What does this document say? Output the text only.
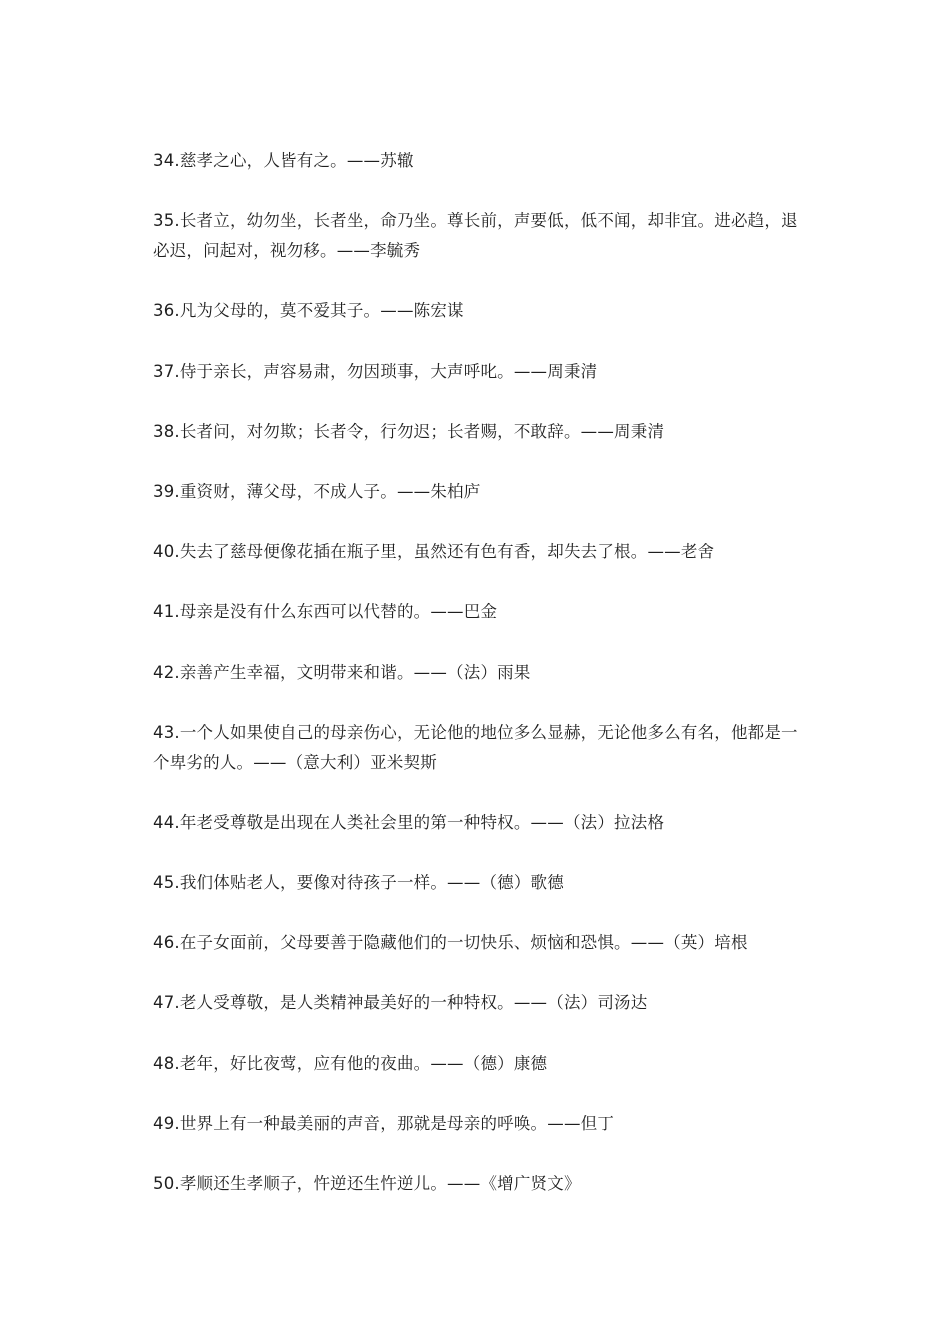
34.慈孝之心，人皆有之。——苏辙

35.长者立，幼勿坐，长者坐，命乃坐。尊长前，声要低，低不闻，却非宜。进必趋，退必迟，问起对，视勿移。——李毓秀

36.凡为父母的，莫不爱其子。——陈宏谋

37.侍于亲长，声容易肃，勿因琐事，大声呼叱。——周秉清

38.长者问，对勿欺；长者令，行勿迟；长者赐，不敢辞。——周秉清

39.重资财，薄父母，不成人子。——朱柏庐

40.失去了慈母便像花插在瓶子里，虽然还有色有香，却失去了根。——老舍

41.母亲是没有什么东西可以代替的。——巴金

42.亲善产生幸福，文明带来和谐。——（法）雨果

43.一个人如果使自己的母亲伤心，无论他的地位多么显赫，无论他多么有名，他都是一个卑劣的人。——（意大利）亚米契斯

44.年老受尊敬是出现在人类社会里的第一种特权。——（法）拉法格

45.我们体贴老人，要像对待孩子一样。——（德）歌德

46.在子女面前，父母要善于隐藏他们的一切快乐、烦恼和恐惧。——（英）培根

47.老人受尊敬，是人类精神最美好的一种特权。——（法）司汤达

48.老年，好比夜莺，应有他的夜曲。——（德）康德

49.世界上有一种最美丽的声音，那就是母亲的呼唤。——但丁

50.孝顺还生孝顺子，忤逆还生忤逆儿。——《增广贤文》
